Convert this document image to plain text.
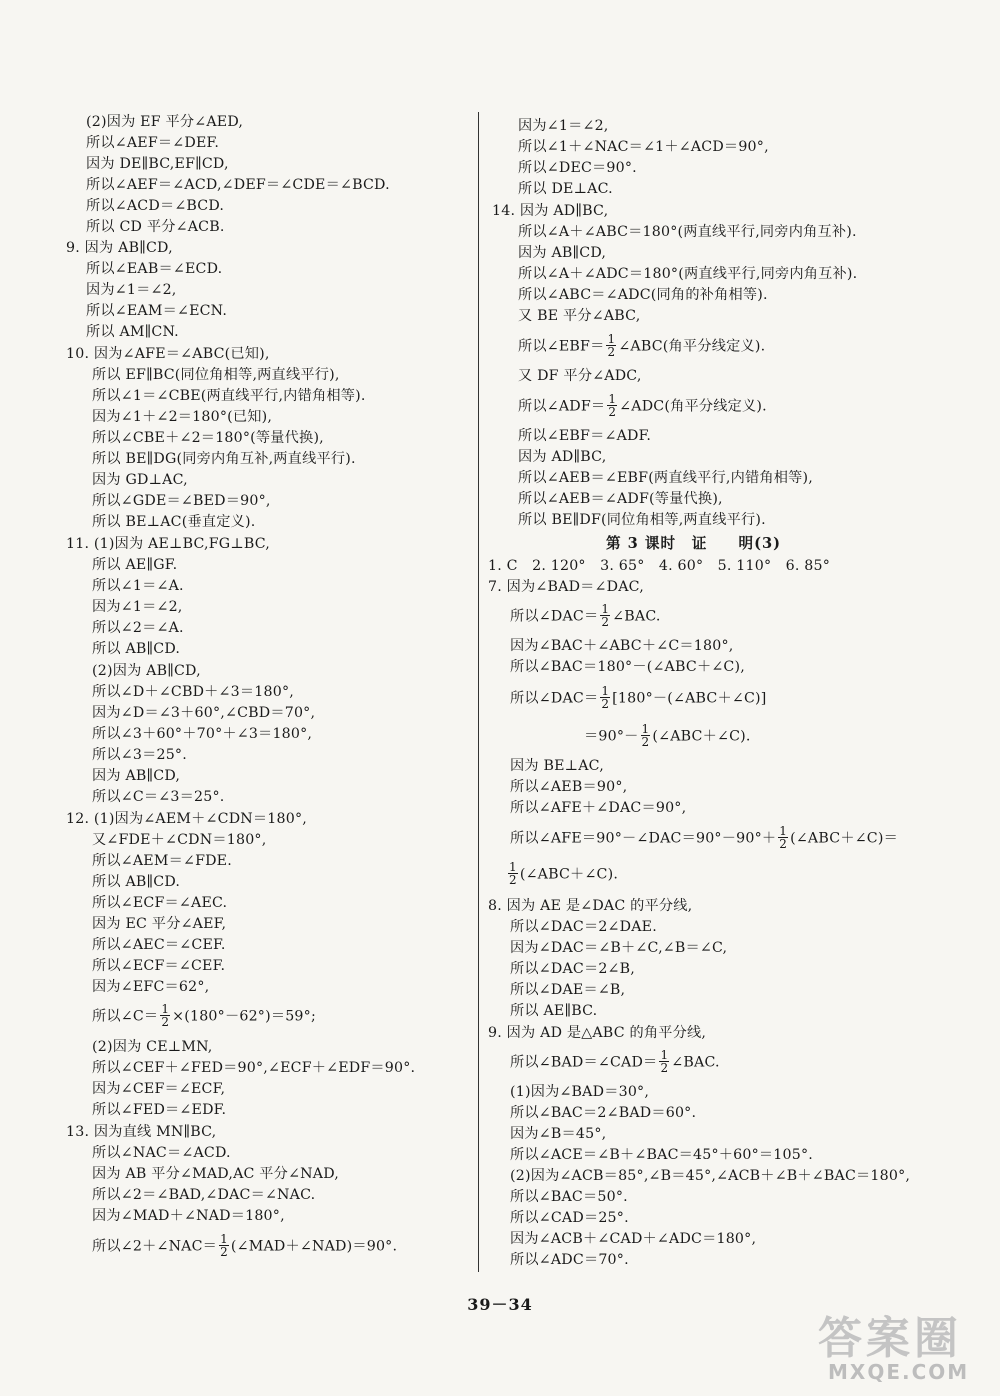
(2)因为 EF 平分∠AED,
所以∠AEF＝∠DEF.
因为 DE∥BC,EF∥CD,
所以∠AEF＝∠ACD,∠DEF＝∠CDE＝∠BCD.
所以∠ACD＝∠BCD.
所以 CD 平分∠ACB.
9. 因为 AB∥CD,
所以∠EAB＝∠ECD.
因为∠1＝∠2,
所以∠EAM＝∠ECN.
所以 AM∥CN.
10. 因为∠AFE＝∠ABC(已知),
所以 EF∥BC(同位角相等,两直线平行),
所以∠1＝∠CBE(两直线平行,内错角相等).
因为∠1＋∠2＝180°(已知),
所以∠CBE＋∠2＝180°(等量代换),
所以 BE∥DG(同旁内角互补,两直线平行).
因为 GD⊥AC,
所以∠GDE＝∠BED＝90°,
所以 BE⊥AC(垂直定义).
11. (1)因为 AE⊥BC,FG⊥BC,
所以 AE∥GF.
所以∠1＝∠A.
因为∠1＝∠2,
所以∠2＝∠A.
所以 AB∥CD.
(2)因为 AB∥CD,
所以∠D＋∠CBD＋∠3＝180°,
因为∠D＝∠3＋60°,∠CBD＝70°,
所以∠3＋60°＋70°＋∠3＝180°,
所以∠3＝25°.
因为 AB∥CD,
所以∠C＝∠3＝25°.
12. (1)因为∠AEM＋∠CDN＝180°,
又∠FDE＋∠CDN＝180°,
所以∠AEM＝∠FDE.
所以 AB∥CD.
所以∠ECF＝∠AEC.
因为 EC 平分∠AEF,
所以∠AEC＝∠CEF.
所以∠ECF＝∠CEF.
因为∠EFC＝62°,
所以∠C＝ $\frac{1}{2} \times(180^\circ-62^\circ)=59^\circ$;
(2)因为 CE⊥MN,
所以∠CEF＋∠FED＝90°,∠ECF＋∠EDF＝90°.
因为∠CEF＝∠ECF,
所以∠FED＝∠EDF.
13. 因为直线 MN∥BC,
所以∠NAC＝∠ACD.
因为 AB 平分∠MAD,AC 平分∠NAD,
所以∠2＝∠BAD,∠DAC＝∠NAC.
因为∠MAD＋∠NAD＝180°,
所以∠2＋∠NAC＝ $\frac{1}{2}$ (∠MAD＋∠NAD)＝90°.
因为∠1＝∠2,
所以∠1＋∠NAC＝∠1＋∠ACD＝90°,
所以∠DEC＝90°.
所以 DE⊥AC.
14. 因为 AD∥BC,
所以∠A＋∠ABC＝180°(两直线平行,同旁内角互补).
因为 AB∥CD,
所以∠A＋∠ADC＝180°(两直线平行,同旁内角互补).
所以∠ABC＝∠ADC(同角的补角相等).
又 BE 平分∠ABC,
所以∠EBF＝ $\frac{1}{2}$ ∠ABC(角平分线定义).
又 DF 平分∠ADC,
所以∠ADF＝ $\frac{1}{2}$ ∠ADC(角平分线定义).
所以∠EBF＝∠ADF.
因为 AD∥BC,
所以∠AEB＝∠EBF(两直线平行,内错角相等),
所以∠AEB＝∠ADF(等量代换),
所以 BE∥DF(同位角相等,两直线平行).
第 3 课时　证　　明(3)
1. C　2. 120°　3. 65°　4. 60°　5. 110°　6. 85°
7. 因为∠BAD＝∠DAC,
所以∠DAC＝ $\frac{1}{2}$ ∠BAC.
因为∠BAC＋∠ABC＋∠C＝180°,
所以∠BAC＝180°－(∠ABC＋∠C),
所以∠DAC＝ $\frac{1}{2}$ [180°－(∠ABC＋∠C)]
$=90^\circ- \frac{1}{2}$ (∠ABC＋∠C).
因为 BE⊥AC,
所以∠AEB＝90°,
所以∠AFE＋∠DAC＝90°,
所以∠AFE＝90°－∠DAC＝90°－90°＋ $\frac{1}{2}$ (∠ABC＋∠C)＝
$\frac{1}{2}$ (∠ABC＋∠C).
8. 因为 AE 是∠DAC 的平分线,
所以∠DAC＝2∠DAE.
因为∠DAC＝∠B＋∠C,∠B＝∠C,
所以∠DAC＝2∠B,
所以∠DAE＝∠B,
所以 AE∥BC.
9. 因为 AD 是△ABC 的角平分线,
所以∠BAD＝∠CAD＝ $\frac{1}{2}$ ∠BAC.
(1)因为∠BAD＝30°,
所以∠BAC＝2∠BAD＝60°.
因为∠B＝45°,
所以∠ACE＝∠B＋∠BAC＝45°＋60°＝105°.
(2)因为∠ACB＝85°,∠B＝45°,∠ACB＋∠B＋∠BAC＝180°,
所以∠BAC＝50°.
所以∠CAD＝25°.
因为∠ACB＋∠CAD＋∠ADC＝180°,
所以∠ADC＝70°.
39－34
答案圈
MXQE.COM
